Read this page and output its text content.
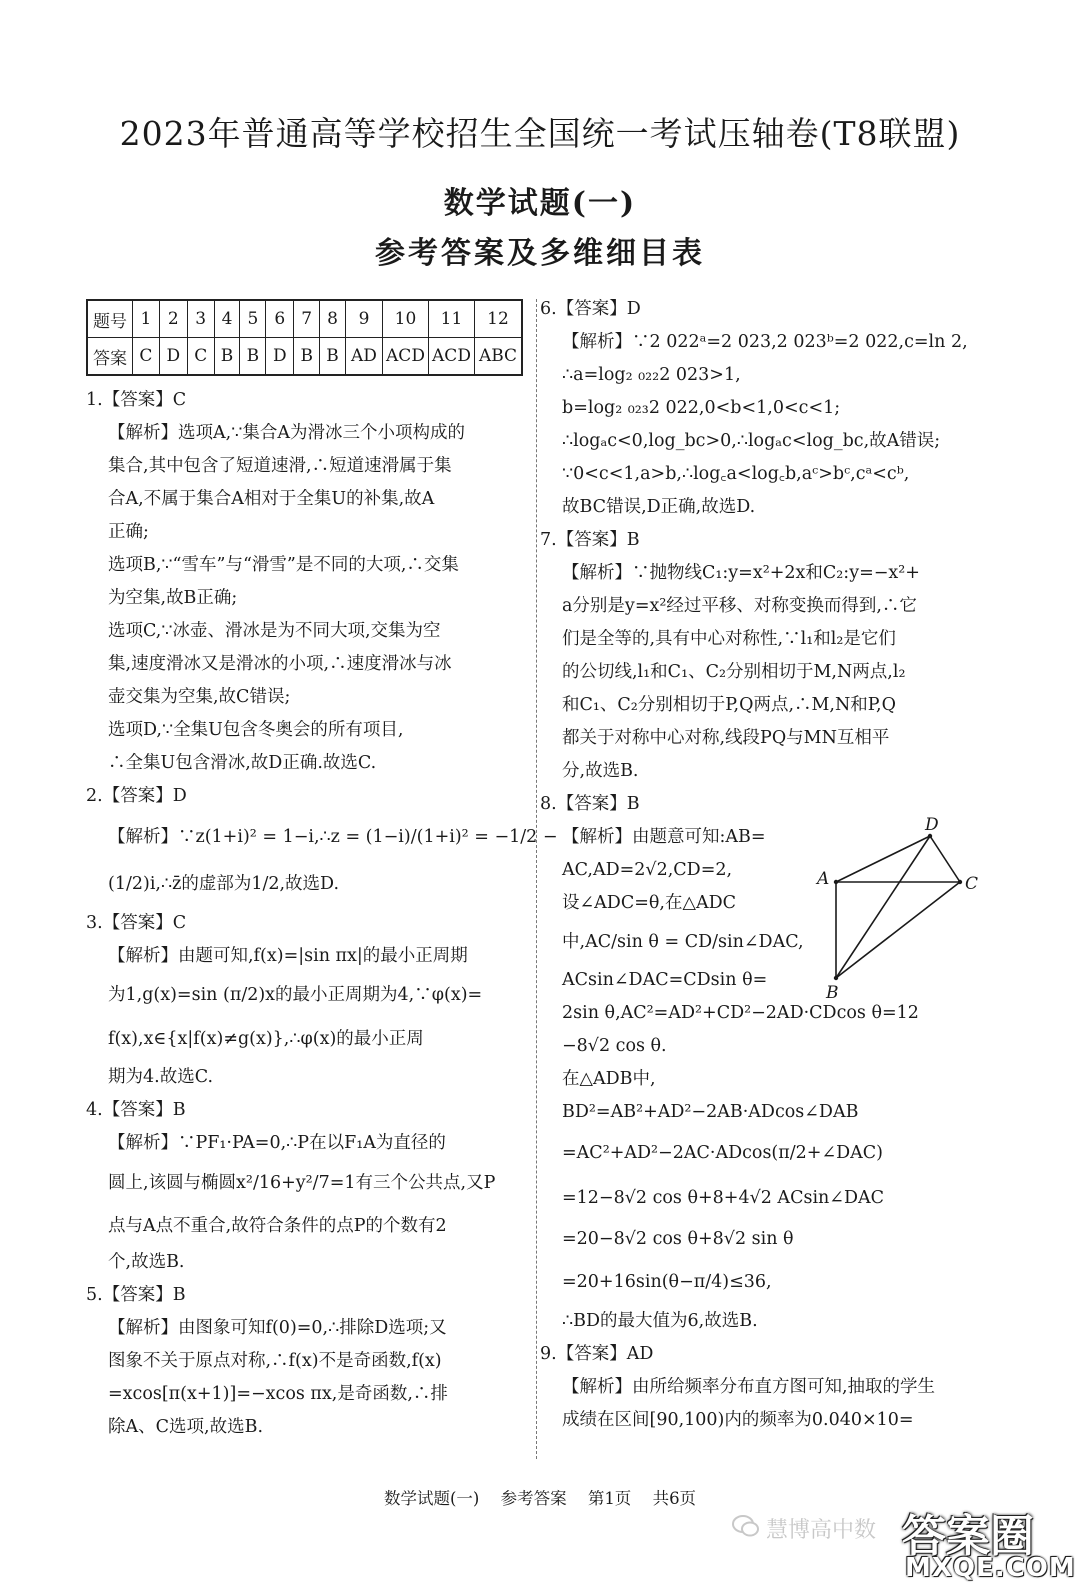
2023年普通高等学校招生全国统一考试压轴卷(T8联盟)
数学试题(一)
参考答案及多维细目表
题号	1	2	3	4	5	6	7	8	9	10	11	12
答案	C	D	C	B	B	D	B	B	AD	ACD	ACD	ABC

1.【答案】C

【解析】选项A,∵集合A为滑冰三个小项构成的

集合,其中包含了短道速滑,∴短道速滑属于集

合A,不属于集合A相对于全集U的补集,故A

正确;

选项B,∵“雪车”与“滑雪”是不同的大项,∴交集

为空集,故B正确;

选项C,∵冰壶、滑冰是为不同大项,交集为空

集,速度滑冰又是滑冰的小项,∴速度滑冰与冰

壶交集为空集,故C错误;

选项D,∵全集U包含冬奥会的所有项目,

∴全集U包含滑冰,故D正确.故选C.

2.【答案】D

【解析】∵z(1+i)² = 1−i,∴z = (1−i)/(1+i)² = −1/2 −

(1/2)i,∴z̄的虚部为1/2,故选D.

3.【答案】C

【解析】由题可知,f(x)=|sin πx|的最小正周期

为1,g(x)=sin (π/2)x的最小正周期为4,∵φ(x)=

f(x),x∈{x|f(x)≠g(x)},∴φ(x)的最小正周

期为4.故选C.

4.【答案】B

【解析】∵PF₁·PA=0,∴P在以F₁A为直径的

圆上,该圆与椭圆x²/16+y²/7=1有三个公共点,又P

点与A点不重合,故符合条件的点P的个数有2

个,故选B.

5.【答案】B

【解析】由图象可知f(0)=0,∴排除D选项;又

图象不关于原点对称,∴f(x)不是奇函数,f(x)

=xcos[π(x+1)]=−xcos πx,是奇函数,∴排

除A、C选项,故选B.

6.【答案】D

【解析】∵2 022ᵃ=2 023,2 023ᵇ=2 022,c=ln 2,

∴a=log₂ ₀₂₂2 023>1,

b=log₂ ₀₂₃2 022,0<b<1,0<c<1;

∴logₐc<0,log_bc>0,∴logₐc<log_bc,故A错误;

∵0<c<1,a>b,∴log꜀a<log꜀b,aᶜ>bᶜ,cᵃ<cᵇ,

故BC错误,D正确,故选D.

7.【答案】B

【解析】∵抛物线C₁:y=x²+2x和C₂:y=−x²+

a分别是y=x²经过平移、对称变换而得到,∴它

们是全等的,具有中心对称性,∵l₁和l₂是它们

的公切线,l₁和C₁、C₂分别相切于M,N两点,l₂

和C₁、C₂分别相切于P,Q两点,∴M,N和P,Q

都关于对称中心对称,线段PQ与MN互相平

分,故选B.

8.【答案】B

【解析】由题意可知:AB=

AC,AD=2√2,CD=2,

设∠ADC=θ,在△ADC

中,AC/sin θ = CD/sin∠DAC,

ACsin∠DAC=CDsin θ=

2sin θ,AC²=AD²+CD²−2AD·CDcos θ=12

−8√2 cos θ.

在△ADB中,

BD²=AB²+AD²−2AB·ADcos∠DAB

=AC²+AD²−2AC·ADcos(π/2+∠DAC)

=12−8√2 cos θ+8+4√2 ACsin∠DAC

=20−8√2 cos θ+8√2 sin θ

=20+16sin(θ−π/4)≤36,

∴BD的最大值为6,故选B.

9.【答案】AD

【解析】由所给频率分布直方图可知,抽取的学生

成绩在区间[90,100)内的频率为0.040×10=

D
A	C
B
数学试题(一) 参考答案 第1页 共6页
慧博高中数 答案圈
MXQE.COM
